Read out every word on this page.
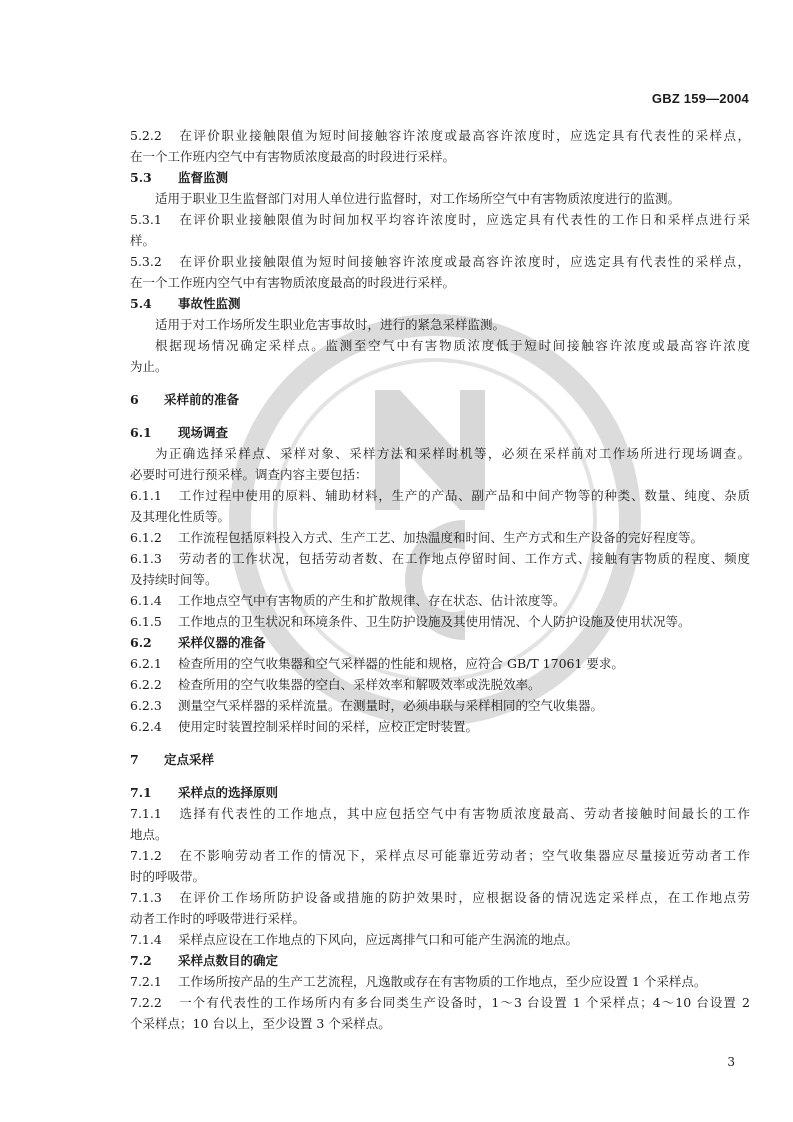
GBZ 159—2004
5.2.2 在评价职业接触限值为短时间接触容许浓度或最高容许浓度时，应选定具有代表性的采样点，
在一个工作班内空气中有害物质浓度最高的时段进行采样。
5.3 监督监测
适用于职业卫生监督部门对用人单位进行监督时，对工作场所空气中有害物质浓度进行的监测。
5.3.1 在评价职业接触限值为时间加权平均容许浓度时，应选定具有代表性的工作日和采样点进行采
样。
5.3.2 在评价职业接触限值为短时间接触容许浓度或最高容许浓度时，应选定具有代表性的采样点，
在一个工作班内空气中有害物质浓度最高的时段进行采样。
5.4 事故性监测
适用于对工作场所发生职业危害事故时，进行的紧急采样监测。
根据现场情况确定采样点。监测至空气中有害物质浓度低于短时间接触容许浓度或最高容许浓度
为止。
6 采样前的准备
6.1 现场调查
为正确选择采样点、采样对象、采样方法和采样时机等，必须在采样前对工作场所进行现场调查。
必要时可进行预采样。调查内容主要包括：
6.1.1 工作过程中使用的原料、辅助材料，生产的产品、副产品和中间产物等的种类、数量、纯度、杂质
及其理化性质等。
6.1.2 工作流程包括原料投入方式、生产工艺、加热温度和时间、生产方式和生产设备的完好程度等。
6.1.3 劳动者的工作状况，包括劳动者数、在工作地点停留时间、工作方式、接触有害物质的程度、频度
及持续时间等。
6.1.4 工作地点空气中有害物质的产生和扩散规律、存在状态、估计浓度等。
6.1.5 工作地点的卫生状况和环境条件、卫生防护设施及其使用情况、个人防护设施及使用状况等。
6.2 采样仪器的准备
6.2.1 检查所用的空气收集器和空气采样器的性能和规格，应符合 GB/T 17061 要求。
6.2.2 检查所用的空气收集器的空白、采样效率和解吸效率或洗脱效率。
6.2.3 测量空气采样器的采样流量。在测量时，必须串联与采样相同的空气收集器。
6.2.4 使用定时装置控制采样时间的采样，应校正定时装置。
7 定点采样
7.1 采样点的选择原则
7.1.1 选择有代表性的工作地点，其中应包括空气中有害物质浓度最高、劳动者接触时间最长的工作
地点。
7.1.2 在不影响劳动者工作的情况下，采样点尽可能靠近劳动者；空气收集器应尽量接近劳动者工作
时的呼吸带。
7.1.3 在评价工作场所防护设备或措施的防护效果时，应根据设备的情况选定采样点，在工作地点劳
动者工作时的呼吸带进行采样。
7.1.4 采样点应设在工作地点的下风向，应远离排气口和可能产生涡流的地点。
7.2 采样点数目的确定
7.2.1 工作场所按产品的生产工艺流程，凡逸散或存在有害物质的工作地点，至少应设置 1 个采样点。
7.2.2 一个有代表性的工作场所内有多台同类生产设备时，1～3 台设置 1 个采样点；4～10 台设置 2
个采样点；10 台以上，至少设置 3 个采样点。
3
